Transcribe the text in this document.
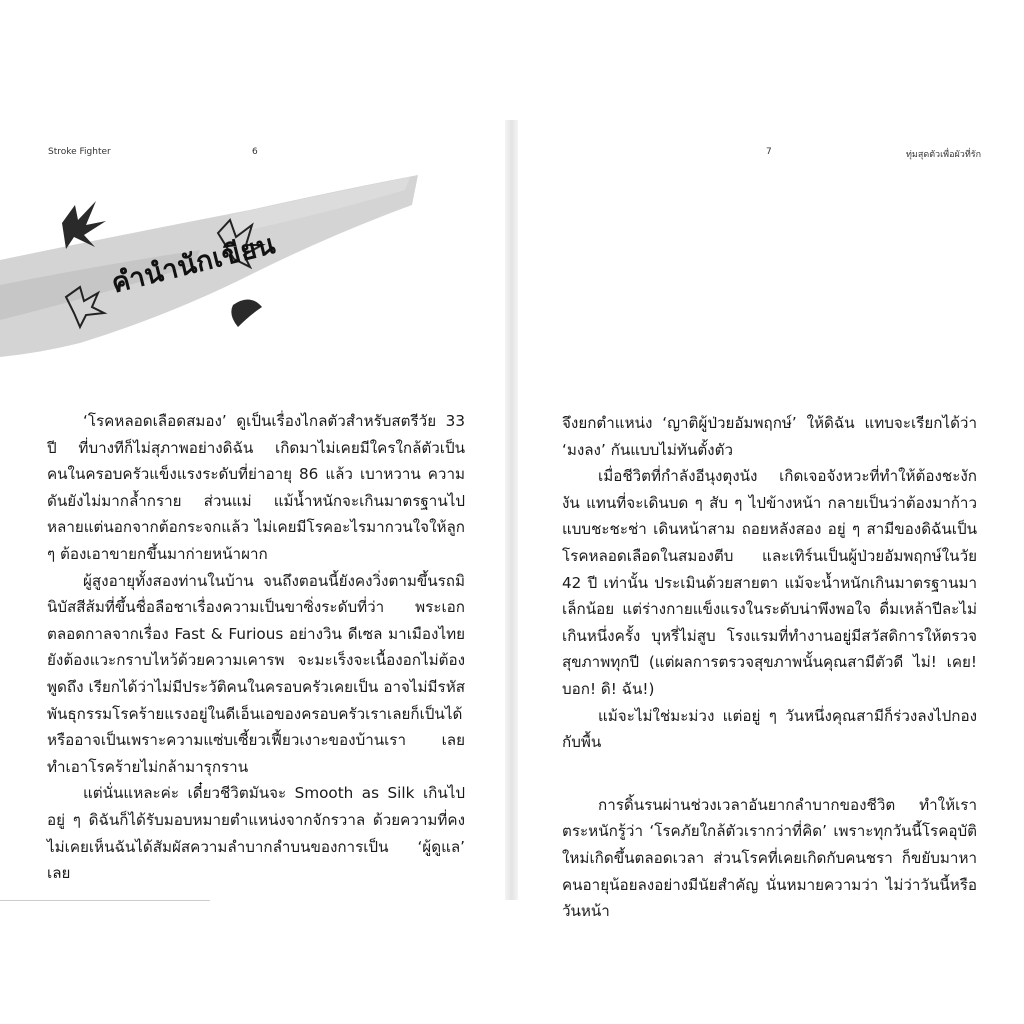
Stroke Fighter	6	7	ทุ่มสุดตัวเพื่อผัวที่รัก
คำนำนักเขียน

‘โรคหลอดเลือดสมอง’ ดูเป็นเรื่องไกลตัวสำหรับสตรีวัย 33 ปี ที่บางทีก็ไม่สุภาพอย่างดิฉัน เกิดมาไม่เคยมีใครใกล้ตัวเป็น คนในครอบครัวแข็งแรงระดับที่ย่าอายุ 86 แล้ว เบาหวาน ความดันยังไม่มากล้ำกราย ส่วนแม่ แม้น้ำหนักจะเกินมาตรฐานไปหลายแต่นอกจากต้อกระจกแล้ว ไม่เคยมีโรคอะไรมากวนใจให้ลูก ๆ ต้องเอาขายกขึ้นมาก่ายหน้าผาก

ผู้สูงอายุทั้งสองท่านในบ้าน จนถึงตอนนี้ยังคงวิ่งตามขึ้นรถมินิบัสสีส้มที่ขึ้นชื่อลือชาเรื่องความเป็นขาซิ่งระดับที่ว่า พระเอกตลอดกาลจากเรื่อง Fast & Furious อย่างวิน ดีเซล มาเมืองไทย ยังต้องแวะกราบไหว้ด้วยความเคารพ จะมะเร็งจะเนื้องอกไม่ต้องพูดถึง เรียกได้ว่าไม่มีประวัติคนในครอบครัวเคยเป็น อาจไม่มีรหัสพันธุกรรมโรคร้ายแรงอยู่ในดีเอ็นเอของครอบครัวเราเลยก็เป็นได้ หรืออาจเป็นเพราะความแซ่บเซี้ยวเฟี้ยวเงาะของบ้านเรา เลยทำเอาโรคร้ายไม่กล้ามารุกราน

แต่นั่นแหละค่ะ เดี๋ยวชีวิตมันจะ Smooth as Silk เกินไป อยู่ ๆ ดิฉันก็ได้รับมอบหมายตำแหน่งจากจักรวาล ด้วยความที่คงไม่เคยเห็นฉันได้สัมผัสความลำบากลำบนของการเป็น ‘ผู้ดูแล’ เลย

จึงยกตำแหน่ง ‘ญาติผู้ป่วยอัมพฤกษ์’ ให้ดิฉัน แทบจะเรียกได้ว่า ‘มงลง’ กันแบบไม่ทันตั้งตัว

เมื่อชีวิตที่กำลังอีนุงตุงนัง เกิดเจอจังหวะที่ทำให้ต้องชะงักงัน แทนที่จะเดินบด ๆ สับ ๆ ไปข้างหน้า กลายเป็นว่าต้องมาก้าวแบบชะชะช่า เดินหน้าสาม ถอยหลังสอง อยู่ ๆ สามีของดิฉันเป็นโรคหลอดเลือดในสมองตีบ และเทิร์นเป็นผู้ป่วยอัมพฤกษ์ในวัย 42 ปี เท่านั้น ประเมินด้วยสายตา แม้จะน้ำหนักเกินมาตรฐานมาเล็กน้อย แต่ร่างกายแข็งแรงในระดับน่าพึงพอใจ ดื่มเหล้าปีละไม่เกินหนึ่งครั้ง บุหรี่ไม่สูบ โรงแรมที่ทำงานอยู่มีสวัสดิการให้ตรวจสุขภาพทุกปี (แต่ผลการตรวจสุขภาพนั้นคุณสามีตัวดี ไม่! เคย! บอก! ดิ! ฉัน!)

แม้จะไม่ใช่มะม่วง แต่อยู่ ๆ วันหนึ่งคุณสามีก็ร่วงลงไปกองกับพื้น

การดิ้นรนผ่านช่วงเวลาอันยากลำบากของชีวิต ทำให้เรา ตระหนักรู้ว่า ‘โรคภัยใกล้ตัวเรากว่าที่คิด’ เพราะทุกวันนี้โรคอุบัติใหม่เกิดขึ้นตลอดเวลา ส่วนโรคที่เคยเกิดกับคนชรา ก็ขยับมาหาคนอายุน้อยลงอย่างมีนัยสำคัญ นั่นหมายความว่า ไม่ว่าวันนี้หรือวันหน้า
